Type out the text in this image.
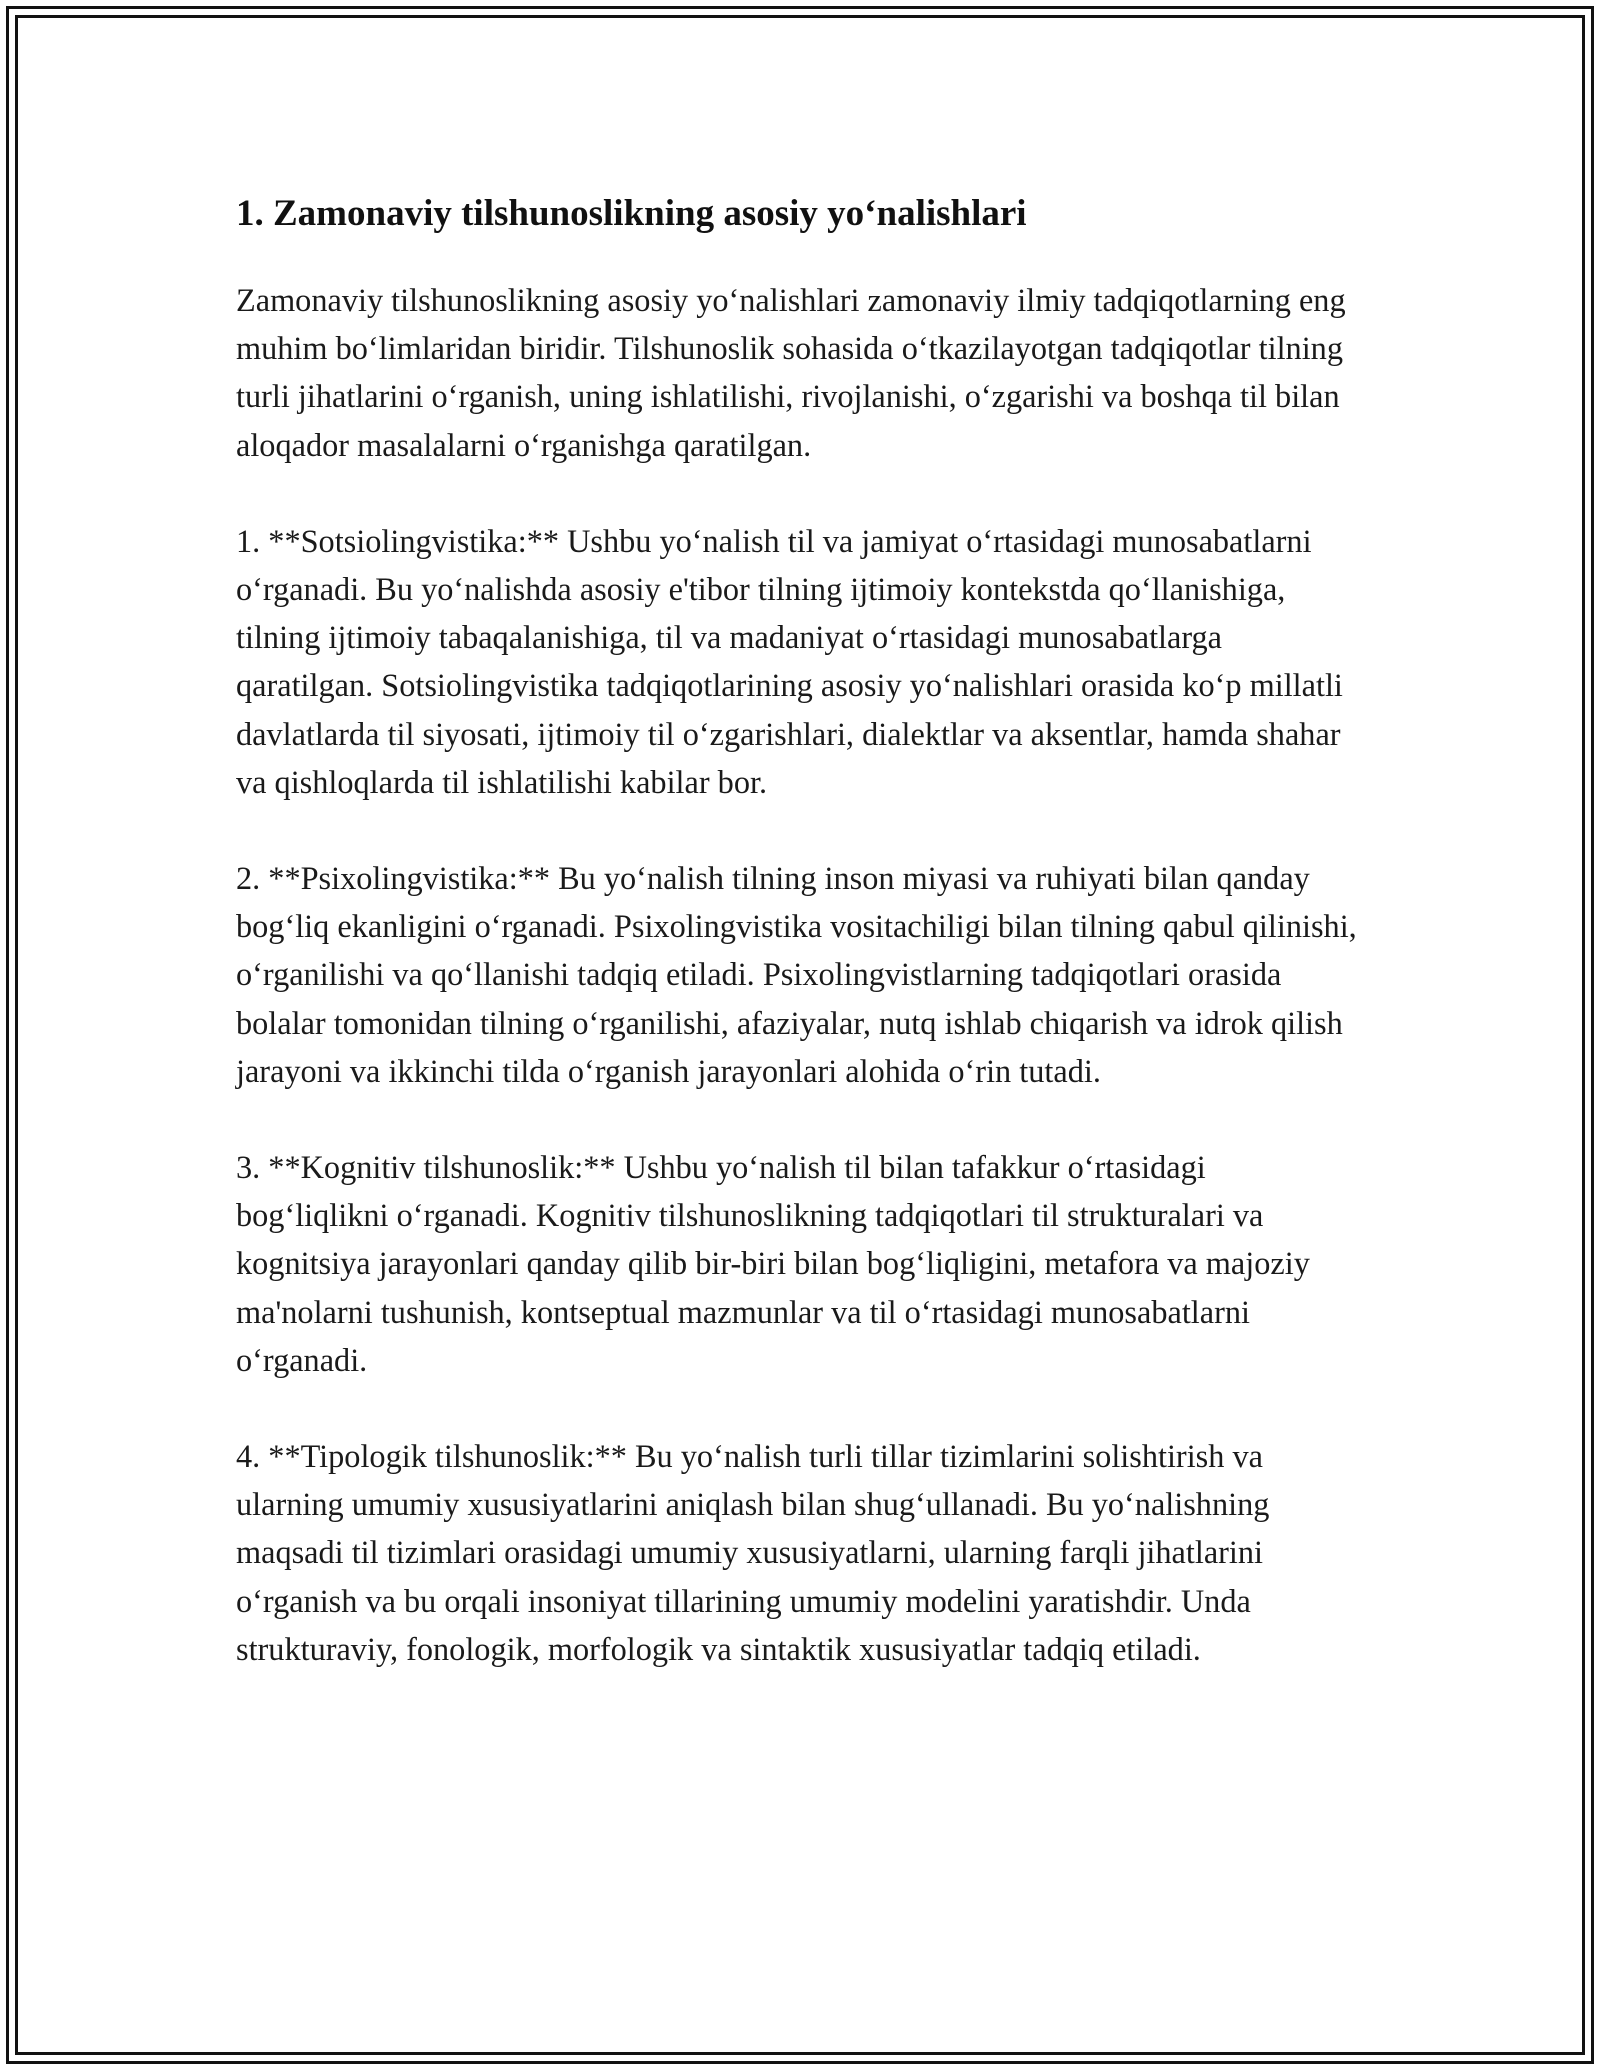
1. Zamonaviy tilshunoslikning asosiy yo‘nalishlari

Zamonaviy tilshunoslikning asosiy yo‘nalishlari zamonaviy ilmiy tadqiqotlarning eng muhim bo‘limlaridan biridir. Tilshunoslik sohasida o‘tkazilayotgan tadqiqotlar tilning turli jihatlarini o‘rganish, uning ishlatilishi, rivojlanishi, o‘zgarishi va boshqa til bilan aloqador masalalarni o‘rganishga qaratilgan.

1. **Sotsiolingvistika:** Ushbu yo‘nalish til va jamiyat o‘rtasidagi munosabatlarni o‘rganadi. Bu yo‘nalishda asosiy e'tibor tilning ijtimoiy kontekstda qo‘llanishiga, tilning ijtimoiy tabaqalanishiga, til va madaniyat o‘rtasidagi munosabatlarga qaratilgan. Sotsiolingvistika tadqiqotlarining asosiy yo‘nalishlari orasida ko‘p millatli davlatlarda til siyosati, ijtimoiy til o‘zgarishlari, dialektlar va aksentlar, hamda shahar va qishloqlarda til ishlatilishi kabilar bor.

2. **Psixolingvistika:** Bu yo‘nalish tilning inson miyasi va ruhiyati bilan qanday bog‘liq ekanligini o‘rganadi. Psixolingvistika vositachiligi bilan tilning qabul qilinishi, o‘rganilishi va qo‘llanishi tadqiq etiladi. Psixolingvistlarning tadqiqotlari orasida bolalar tomonidan tilning o‘rganilishi, afaziyalar, nutq ishlab chiqarish va idrok qilish jarayoni va ikkinchi tilda o‘rganish jarayonlari alohida o‘rin tutadi.

3. **Kognitiv tilshunoslik:** Ushbu yo‘nalish til bilan tafakkur o‘rtasidagi bog‘liqlikni o‘rganadi. Kognitiv tilshunoslikning tadqiqotlari til strukturalari va kognitsiya jarayonlari qanday qilib bir-biri bilan bog‘liqligini, metafora va majoziy ma'nolarni tushunish, kontseptual mazmunlar va til o‘rtasidagi munosabatlarni o‘rganadi.

4. **Tipologik tilshunoslik:** Bu yo‘nalish turli tillar tizimlarini solishtirish va ularning umumiy xususiyatlarini aniqlash bilan shug‘ullanadi. Bu yo‘nalishning maqsadi til tizimlari orasidagi umumiy xususiyatlarni, ularning farqli jihatlarini o‘rganish va bu orqali insoniyat tillarining umumiy modelini yaratishdir. Unda strukturaviy, fonologik, morfologik va sintaktik xususiyatlar tadqiq etiladi.
